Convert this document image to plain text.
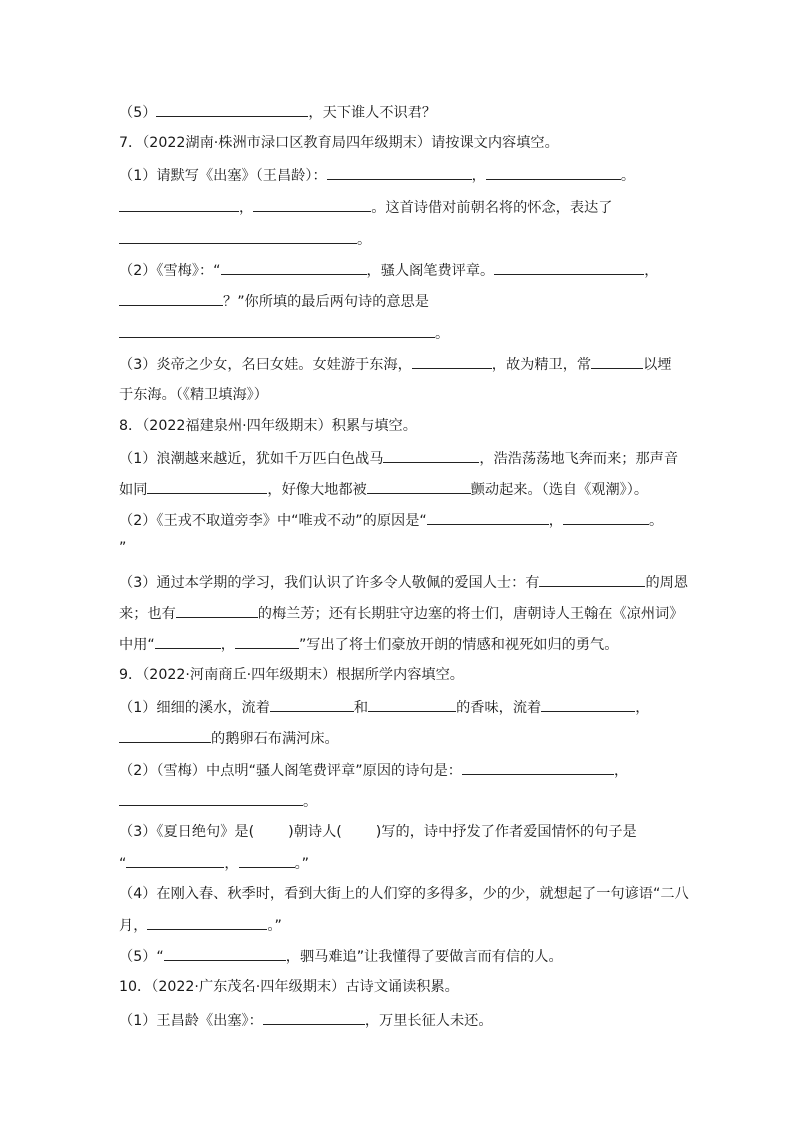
（5）	，天下谁人不识君？
7．（2022湖南·株洲市渌口区教育局四年级期末）请按课文内容填空。
（1）请默写《出塞》（王昌龄）：	，	。
，	。这首诗借对前朝名将的怀念，表达了
。
（2）《雪梅》：“	，骚人阁笔费评章。	，
？”你所填的最后两句诗的意思是
。
（3）炎帝之少女，名曰女娃。女娃游于东海，	，故为精卫，常	以堙
于东海。（《精卫填海》）
8．（2022福建泉州·四年级期末）积累与填空。
（1）浪潮越来越近，犹如千万匹白色战马	，浩浩荡荡地飞奔而来；那声音
如同	，好像大地都被	颤动起来。（选自《观潮》）。
（2）《王戎不取道旁李》中“唯戎不动”的原因是“	，	。
”
（3）通过本学期的学习，我们认识了许多令人敬佩的爱国人士：有	的周恩
来；也有	的梅兰芳；还有长期驻守边塞的将士们，唐朝诗人王翰在《凉州词》
中用“	，	”写出了将士们豪放开朗的情感和视死如归的勇气。
9．（2022·河南商丘·四年级期末）根据所学内容填空。
（1）细细的溪水，流着	和	的香味，流着	，
的鹅卵石布满河床。
（2）（雪梅）中点明“骚人阁笔费评章”原因的诗句是：	，
。
（3）《夏日绝句》是( )朝诗人( )写的，诗中抒发了作者爱国情怀的句子是
“	，	。”
（4）在刚入春、秋季时，看到大街上的人们穿的多得多，少的少，就想起了一句谚语“二八
月，	。”
（5）“	，驷马难追”让我懂得了要做言而有信的人。
10．（2022·广东茂名·四年级期末）古诗文诵读积累。
（1）王昌龄《出塞》：	，万里长征人未还。
